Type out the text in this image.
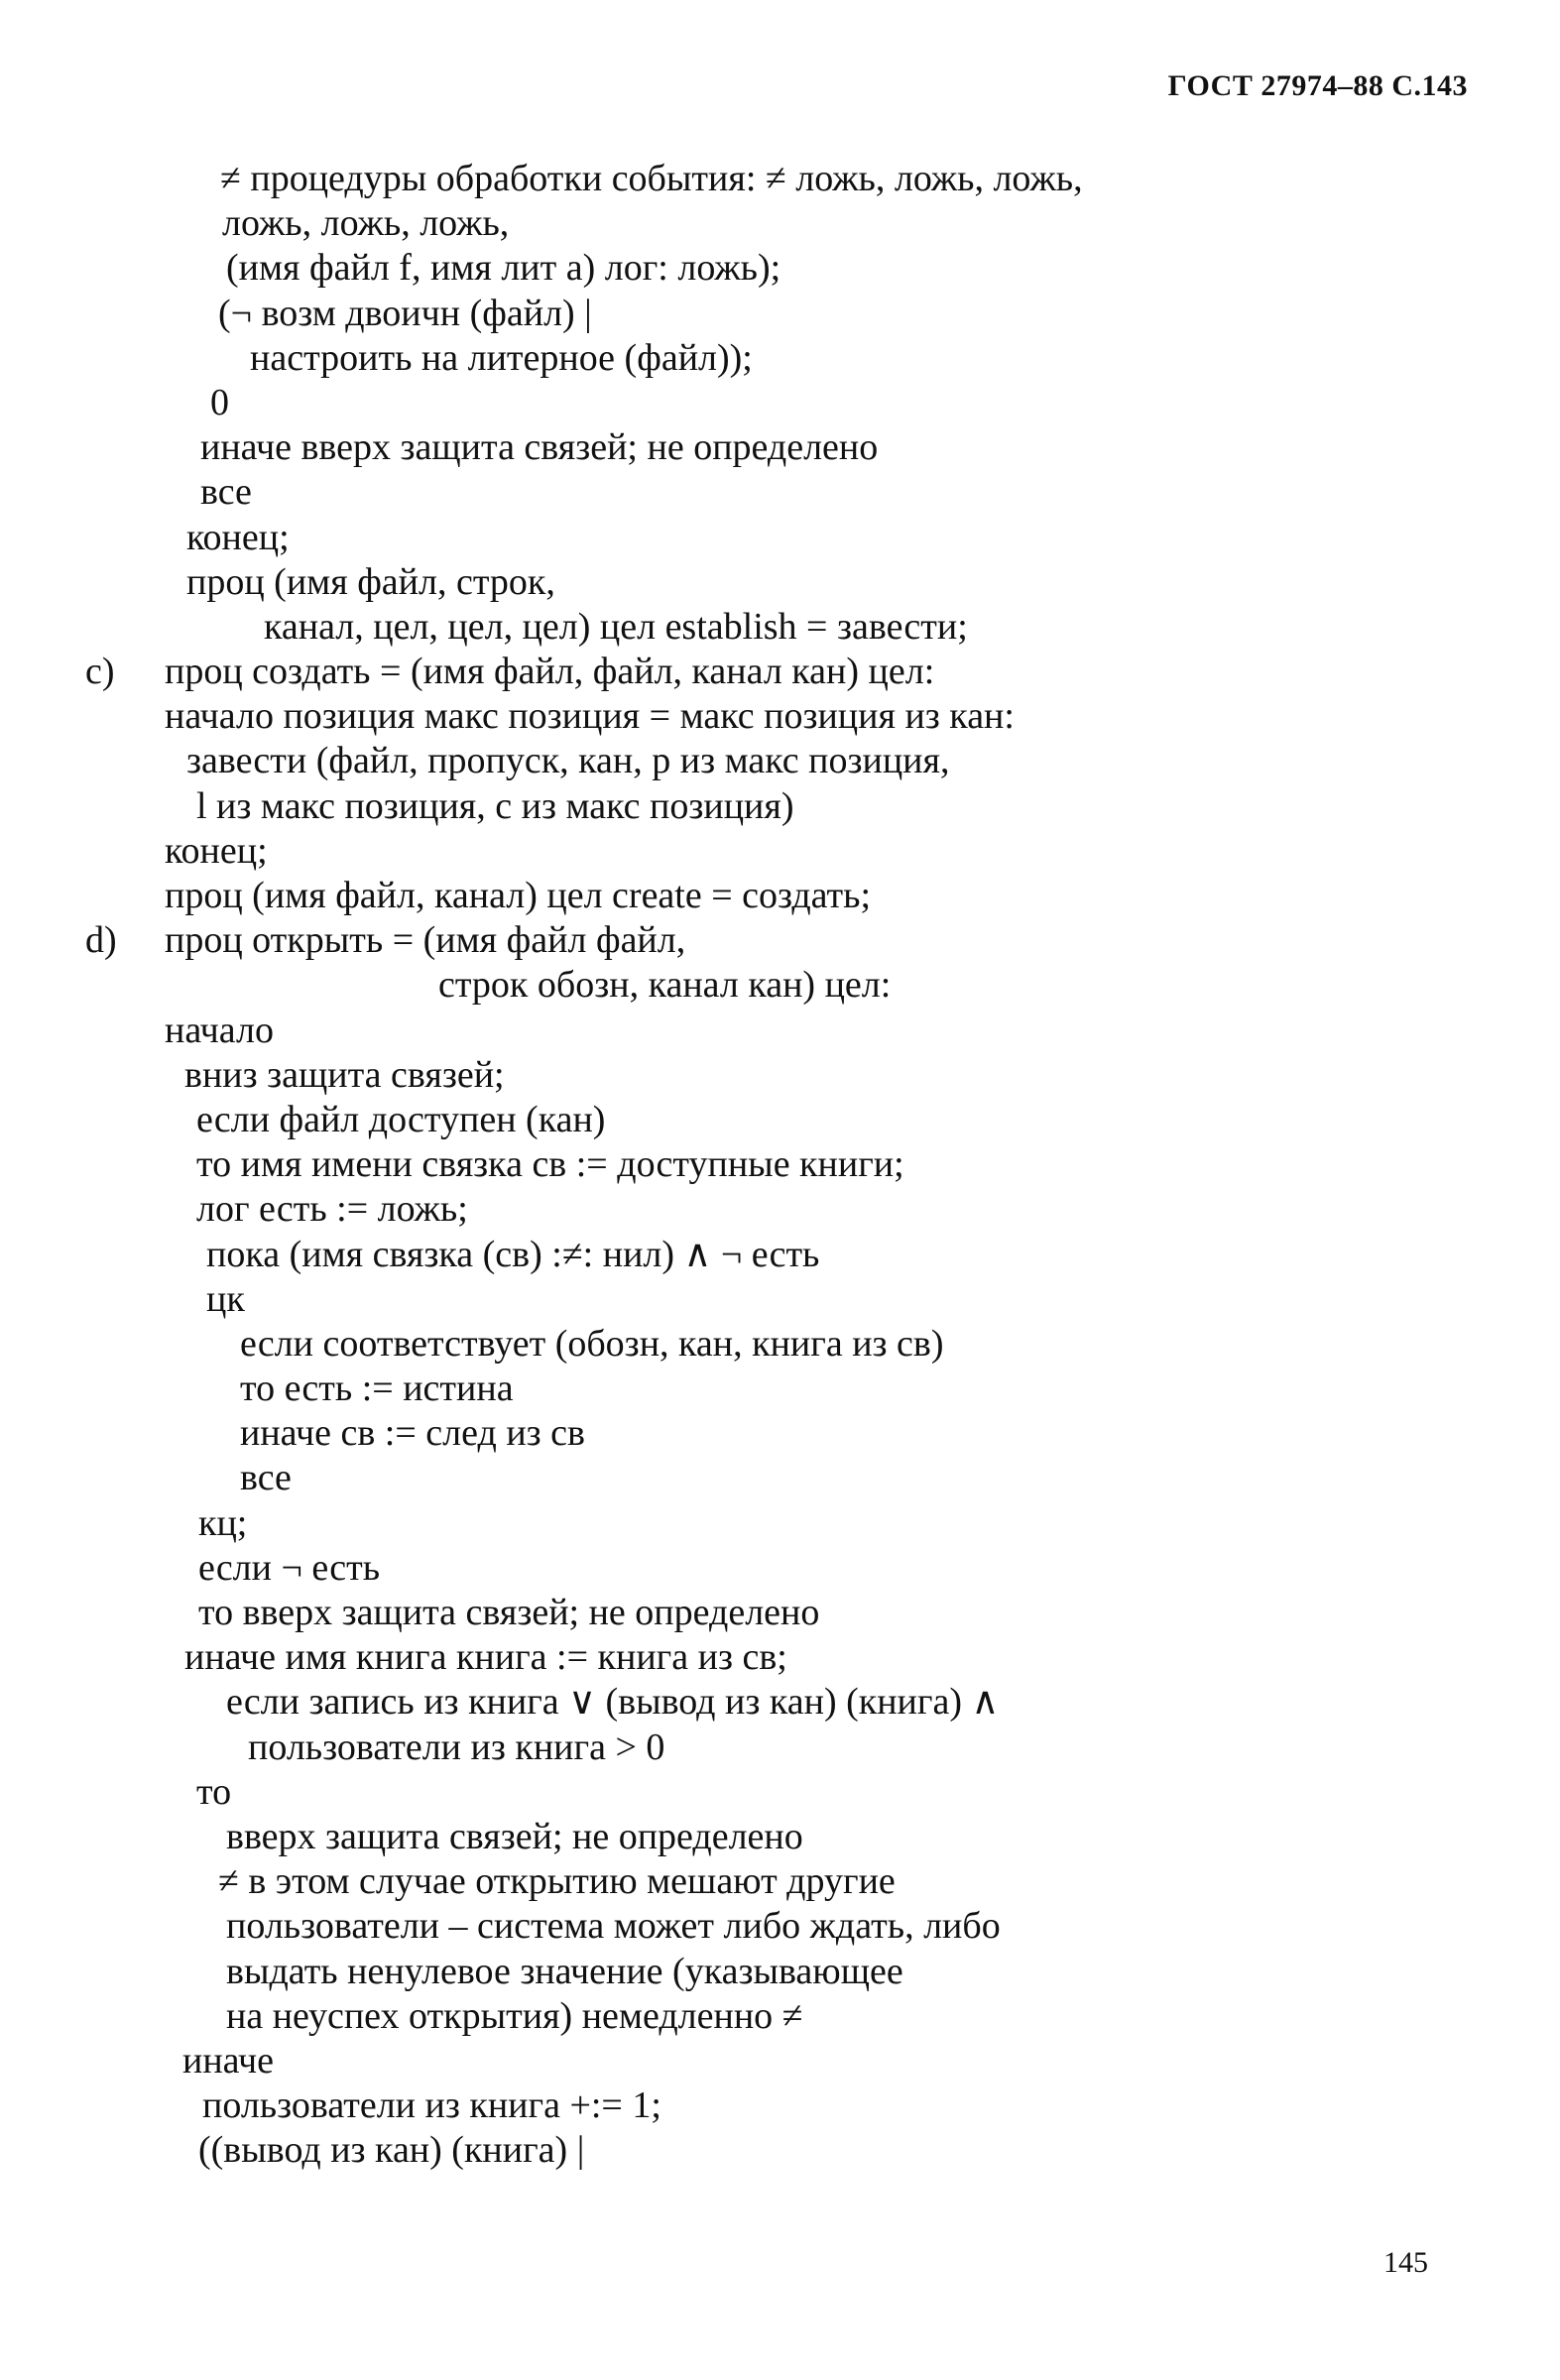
ГОСТ 27974–88 С.143
≠ процедуры обработки события: ≠ ложь, ложь, ложь,
ложь, ложь, ложь,
(имя файл f, имя лит a) лог: ложь);
(¬ возм двоичн (файл) |
настроить на литерное (файл));
0
иначе вверх защита связей; не определено
все
конец;
проц (имя файл, строк,
канал, цел, цел, цел) цел establish = завести;
c) проц создать = (имя файл, файл, канал кан) цел:
начало позиция макс позиция = макс позиция из кан:
завести (файл, пропуск, кан, р из макс позиция,
l из макс позиция, с из макс позиция)
конец;
проц (имя файл, канал) цел create = создать;
d) проц открыть = (имя файл файл,
строк обозн, канал кан) цел:
начало
вниз защита связей;
если файл доступен (кан)
то имя имени связка св := доступные книги;
лог есть := ложь;
пока (имя связка (св) :≠: нил) ∧ ¬ есть
цк
если соответствует (обозн, кан, книга из св)
то есть := истина
иначе св := след из св
все
кц;
если ¬ есть
то вверх защита связей; не определено
иначе имя книга книга := книга из св;
если запись из книга ∨ (вывод из кан) (книга) ∧
пользователи из книга > 0
то
вверх защита связей; не определено
≠ в этом случае открытию мешают другие
пользователи – система может либо ждать, либо
выдать ненулевое значение (указывающее
на неуспех открытия) немедленно ≠
иначе
пользователи из книга +:= 1;
((вывод из кан) (книга) |
145
